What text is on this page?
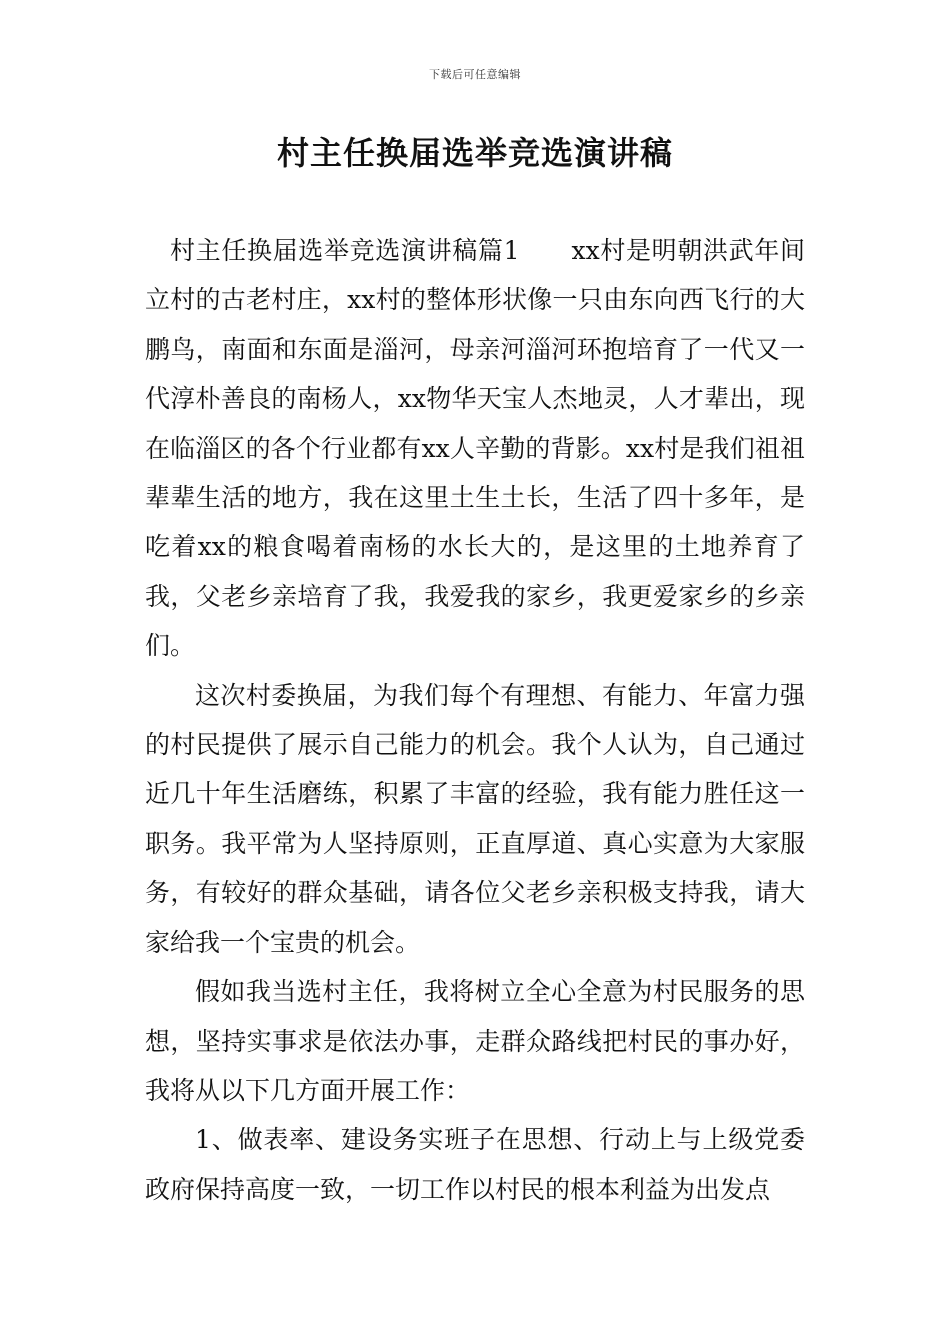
下载后可任意编辑
村主任换届选举竞选演讲稿

村主任换届选举竞选演讲稿篇1　　xx村是明朝洪武年间立村的古老村庄，xx村的整体形状像一只由东向西飞行的大鹏鸟，南面和东面是淄河，母亲河淄河环抱培育了一代又一代淳朴善良的南杨人，xx物华天宝人杰地灵，人才辈出，现在临淄区的各个行业都有xx人辛勤的背影。xx村是我们祖祖辈辈生活的地方，我在这里土生土长，生活了四十多年，是吃着xx的粮食喝着南杨的水长大的，是这里的土地养育了我，父老乡亲培育了我，我爱我的家乡，我更爱家乡的乡亲们。

这次村委换届，为我们每个有理想、有能力、年富力强的村民提供了展示自己能力的机会。我个人认为，自己通过近几十年生活磨练，积累了丰富的经验，我有能力胜任这一职务。我平常为人坚持原则，正直厚道、真心实意为大家服务，有较好的群众基础，请各位父老乡亲积极支持我，请大家给我一个宝贵的机会。

假如我当选村主任，我将树立全心全意为村民服务的思想，坚持实事求是依法办事，走群众路线把村民的事办好，我将从以下几方面开展工作：

1、做表率、建设务实班子在思想、行动上与上级党委政府保持高度一致，一切工作以村民的根本利益为出发点
